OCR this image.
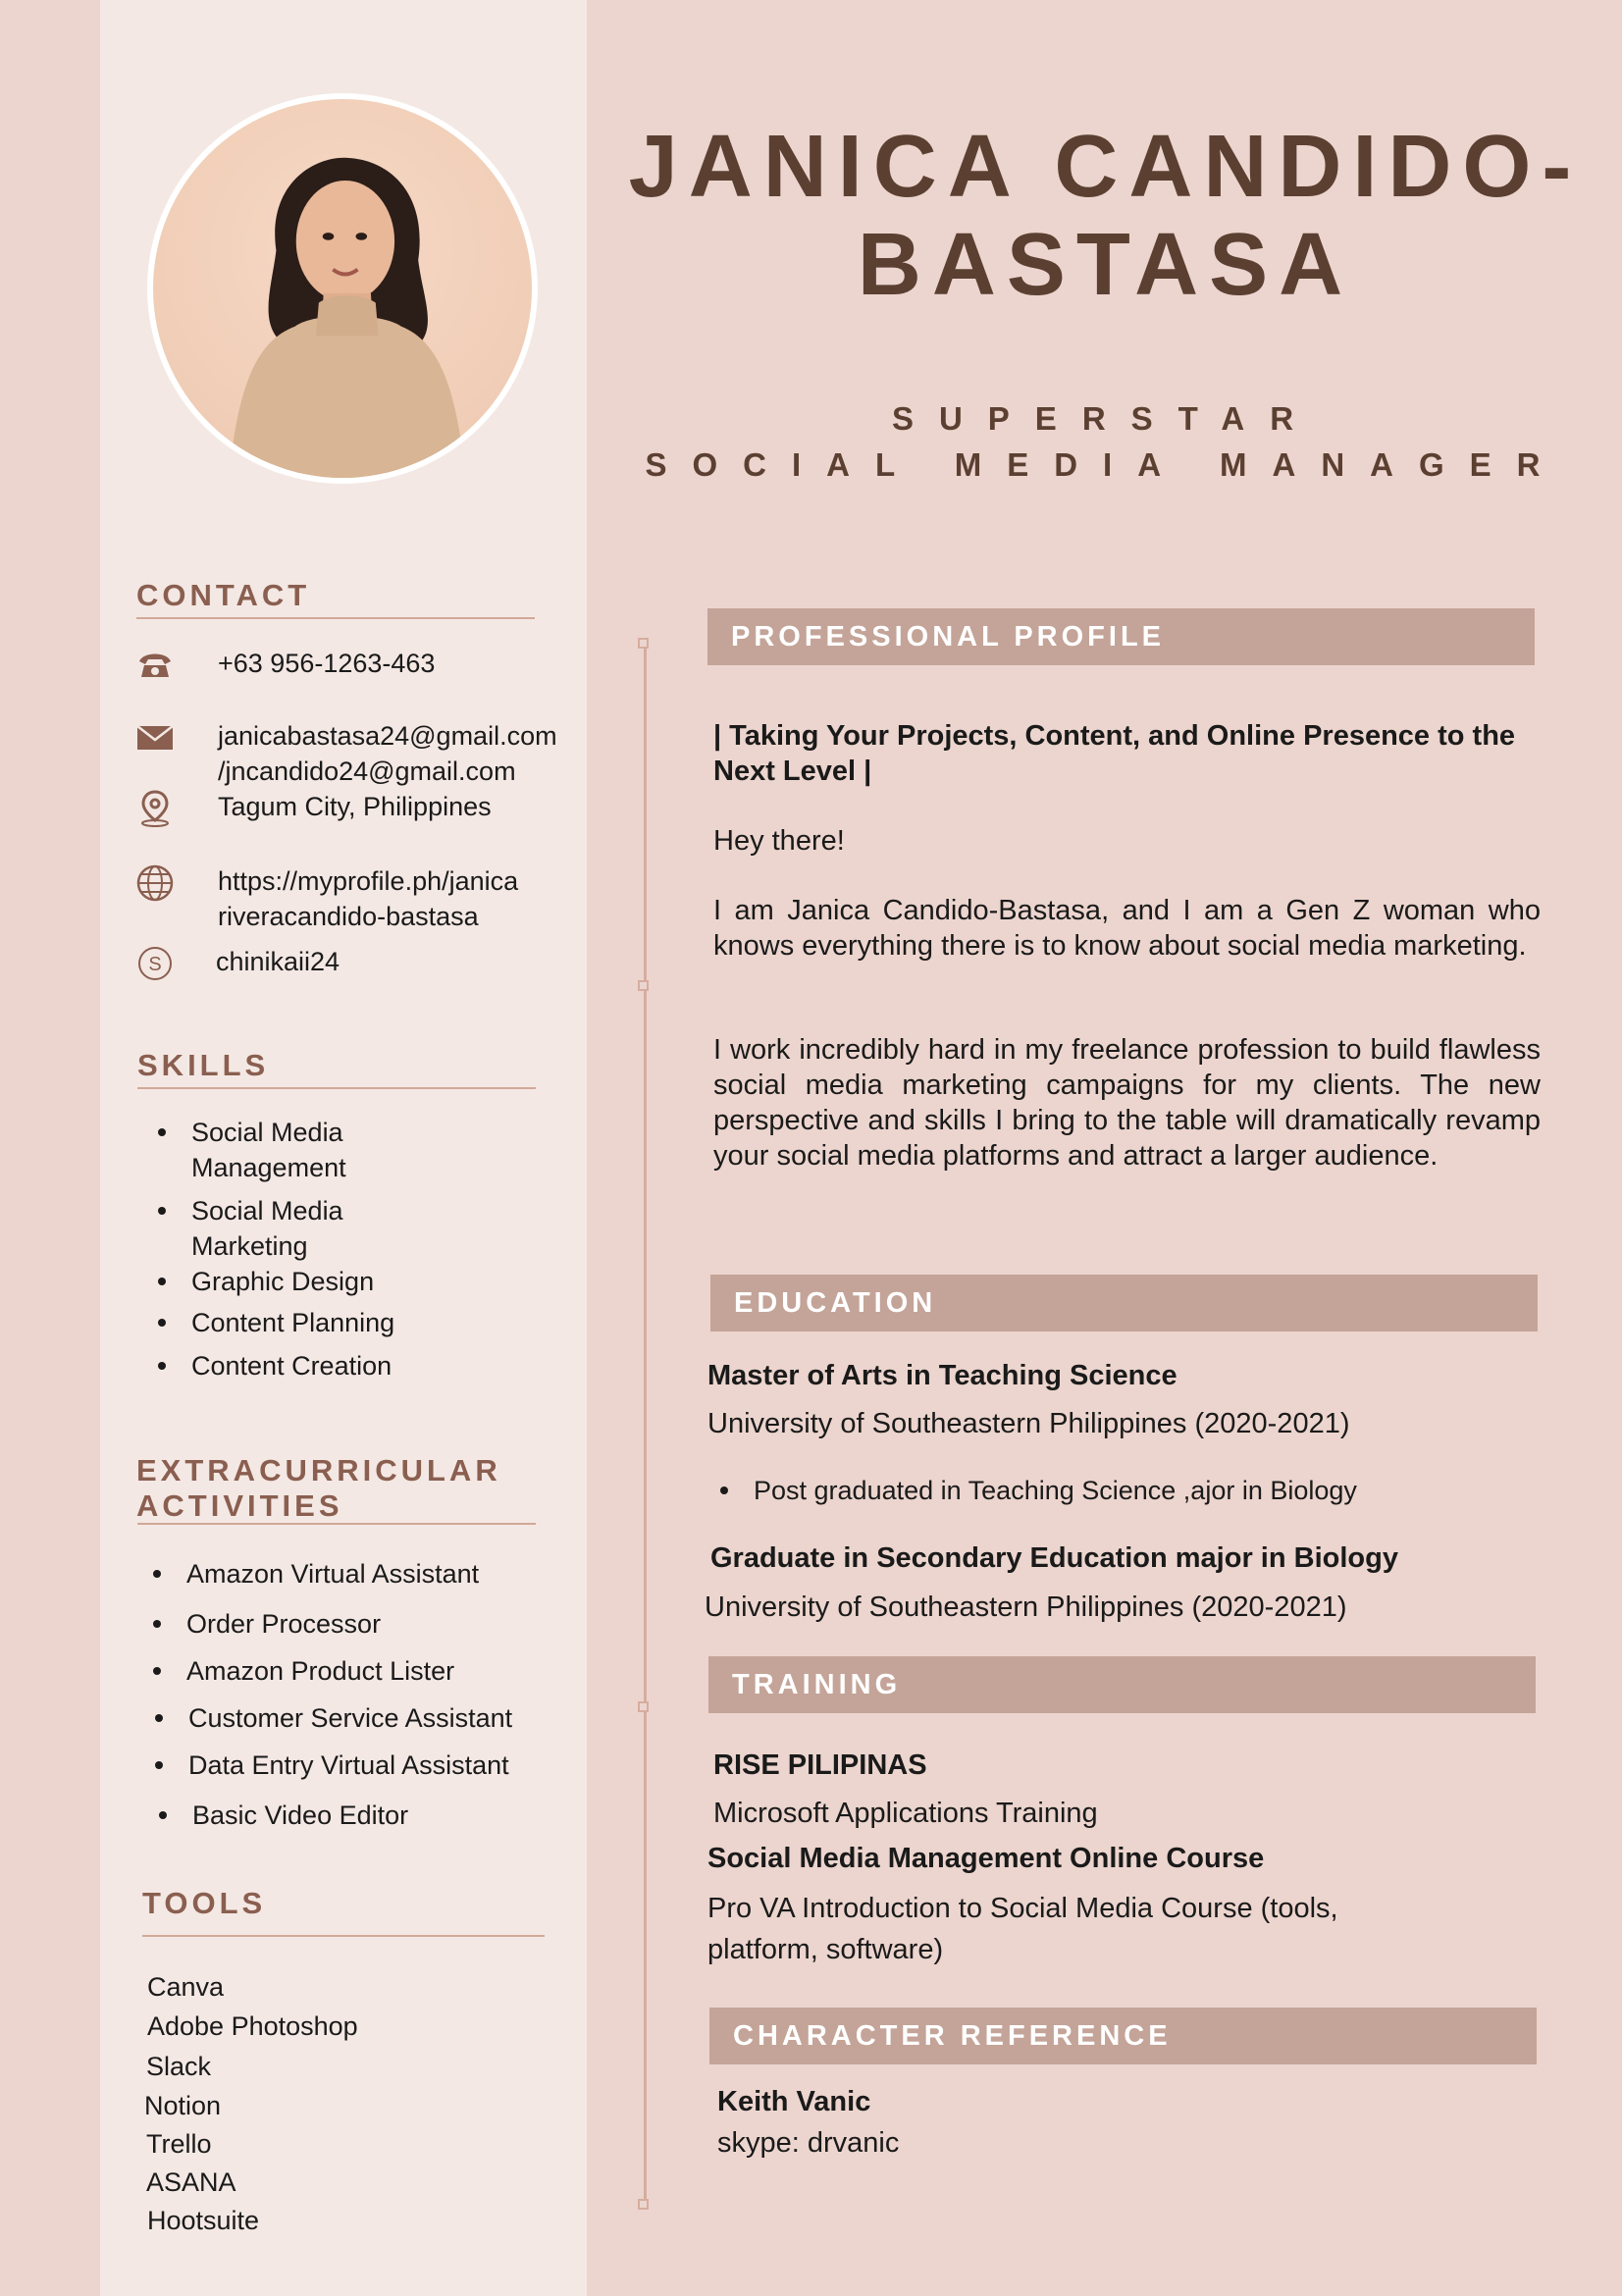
CONTACT
+63 956-1263-463
janicabastasa24@gmail.com
/jncandido24@gmail.com
Tagum City, Philippines
https://myprofile.ph/janica
riveracandido-bastasa
S chinikaii24
SKILLS
Social Media
Management
Social Media
Marketing
Graphic Design
Content Planning
Content Creation
EXTRACURRICULAR
ACTIVITIES
Amazon Virtual Assistant
Order Processor
Amazon Product Lister
Customer Service Assistant
Data Entry Virtual Assistant
Basic Video Editor
TOOLS
Canva
Adobe Photoshop
Slack
Notion
Trello
ASANA
Hootsuite
JANICA CANDIDO-
BASTASA
SUPERSTAR
SOCIAL MEDIA MANAGER
PROFESSIONAL PROFILE
| Taking Your Projects, Content, and Online Presence to the
Next Level |
Hey there!
I am Janica Candido-Bastasa, and I am a Gen Z woman who knows everything there is to know about social media marketing.
I work incredibly hard in my freelance profession to build flawless social media marketing campaigns for my clients. The new perspective and skills I bring to the table will dramatically revamp your social media platforms and attract a larger audience.
EDUCATION
Master of Arts in Teaching Science
University of Southeastern Philippines (2020-2021)
Post graduated in Teaching Science ,ajor in Biology
Graduate in Secondary Education major in Biology
University of Southeastern Philippines (2020-2021)
TRAINING
RISE PILIPINAS
Microsoft Applications Training
Social Media Management Online Course
Pro VA Introduction to Social Media Course (tools,
platform, software)
CHARACTER REFERENCE
Keith Vanic
skype: drvanic
